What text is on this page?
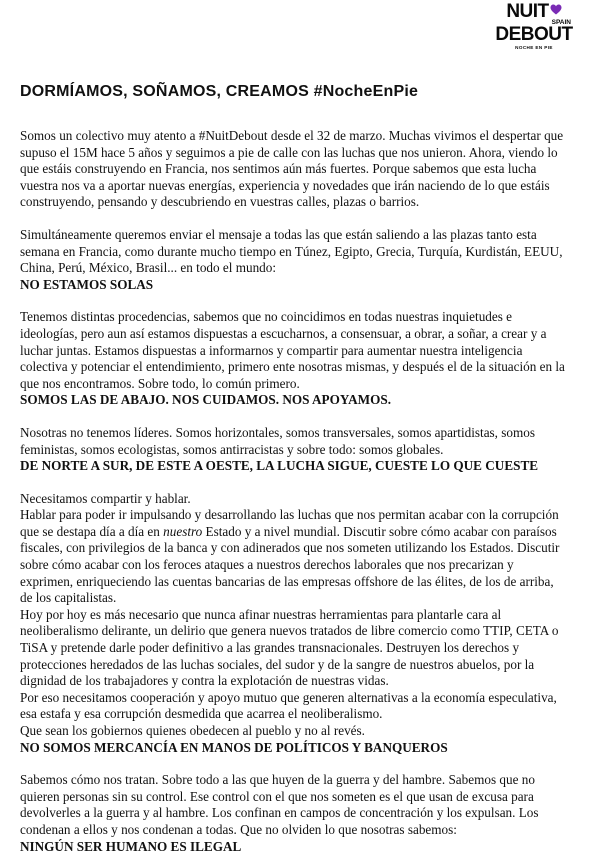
NUIT
SPAIN
DEBOUT
NOCHE EN PIE
DORMÍAMOS, SOÑAMOS, CREAMOS #NocheEnPie

Somos un colectivo muy atento a #NuitDebout desde el 32 de marzo. Muchas vivimos el despertar que supuso el 15M hace 5 años y seguimos a pie de calle con las luchas que nos unieron. Ahora, viendo lo que estáis construyendo en Francia, nos sentimos aún más fuertes. Porque sabemos que esta lucha vuestra nos va a aportar nuevas energías, experiencia y novedades que irán naciendo de lo que estáis construyendo, pensando y descubriendo en vuestras calles, plazas o barrios.

Simultáneamente queremos enviar el mensaje a todas las que están saliendo a las plazas tanto esta semana en Francia, como durante mucho tiempo en Túnez, Egipto, Grecia, Turquía, Kurdistán, EEUU, China, Perú, México, Brasil... en todo el mundo:

NO ESTAMOS SOLAS

Tenemos distintas procedencias, sabemos que no coincidimos en todas nuestras inquietudes e ideologías, pero aun así estamos dispuestas a escucharnos, a consensuar, a obrar, a soñar, a crear y a luchar juntas. Estamos dispuestas a informarnos y compartir para aumentar nuestra inteligencia colectiva y potenciar el entendimiento, primero ente nosotras mismas, y después el de la situación en la que nos encontramos. Sobre todo, lo común primero.

SOMOS LAS DE ABAJO. NOS CUIDAMOS. NOS APOYAMOS.

Nosotras no tenemos líderes. Somos horizontales, somos transversales, somos apartidistas, somos feministas, somos ecologistas, somos antirracistas y sobre todo: somos globales.

DE NORTE A SUR, DE ESTE A OESTE, LA LUCHA SIGUE, CUESTE LO QUE CUESTE

Necesitamos compartir y hablar.

Hablar para poder ir impulsando y desarrollando las luchas que nos permitan acabar con la corrupción que se destapa día a día en nuestro Estado y a nivel mundial. Discutir sobre cómo acabar con paraísos fiscales, con privilegios de la banca y con adinerados que nos someten utilizando los Estados. Discutir sobre cómo acabar con los feroces ataques a nuestros derechos laborales que nos precarizan y exprimen, enriqueciendo las cuentas bancarias de las empresas offshore de las élites, de los de arriba, de los capitalistas.

Hoy por hoy es más necesario que nunca afinar nuestras herramientas para plantarle cara al neoliberalismo delirante, un delirio que genera nuevos tratados de libre comercio como TTIP, CETA o TiSA y pretende darle poder definitivo a las grandes transnacionales. Destruyen los derechos y protecciones heredados de las luchas sociales, del sudor y de la sangre de nuestros abuelos, por la dignidad de los trabajadores y contra la explotación de nuestras vidas.

Por eso necesitamos cooperación y apoyo mutuo que generen alternativas a la economía especulativa, esa estafa y esa corrupción desmedida que acarrea el neoliberalismo.

Que sean los gobiernos quienes obedecen al pueblo y no al revés.

NO SOMOS MERCANCÍA EN MANOS DE POLÍTICOS Y BANQUEROS

Sabemos cómo nos tratan. Sobre todo a las que huyen de la guerra y del hambre. Sabemos que no quieren personas sin su control. Ese control con el que nos someten es el que usan de excusa para devolverles a la guerra y al hambre. Los confinan en campos de concentración y los expulsan. Los condenan a ellos y nos condenan a todas. Que no olviden lo que nosotras sabemos:

NINGÚN SER HUMANO ES ILEGAL
